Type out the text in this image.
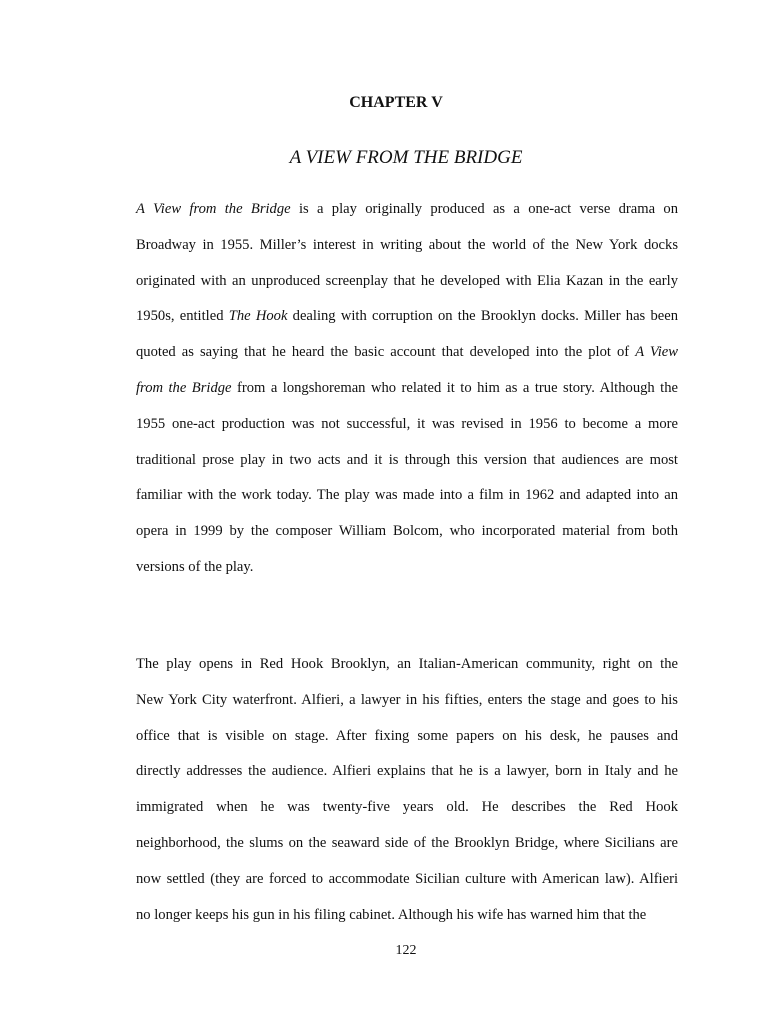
CHAPTER V
A VIEW FROM THE BRIDGE
A View from the Bridge is a play originally produced as a one-act verse drama on
Broadway in 1955. Miller’s interest in writing about the world of the New York docks
originated with an unproduced screenplay that he developed with Elia Kazan in the early
1950s, entitled The Hook dealing with corruption on the Brooklyn docks. Miller has been
quoted as saying that he heard the basic account that developed into the plot of A View
from the Bridge from a longshoreman who related it to him as a true story. Although the
1955 one-act production was not successful, it was revised in 1956 to become a more
traditional prose play in two acts and it is through this version that audiences are most
familiar with the work today. The play was made into a film in 1962 and adapted into an
opera in 1999 by the composer William Bolcom, who incorporated material from both
versions of the play.
The play opens in Red Hook Brooklyn, an Italian-American community, right on the
New York City waterfront. Alfieri, a lawyer in his fifties, enters the stage and goes to his
office that is visible on stage. After fixing some papers on his desk, he pauses and
directly addresses the audience. Alfieri explains that he is a lawyer, born in Italy and he
immigrated when he was twenty-five years old. He describes the Red Hook
neighborhood, the slums on the seaward side of the Brooklyn Bridge, where Sicilians are
now settled (they are forced to accommodate Sicilian culture with American law). Alfieri
no longer keeps his gun in his filing cabinet. Although his wife has warned him that the
122
